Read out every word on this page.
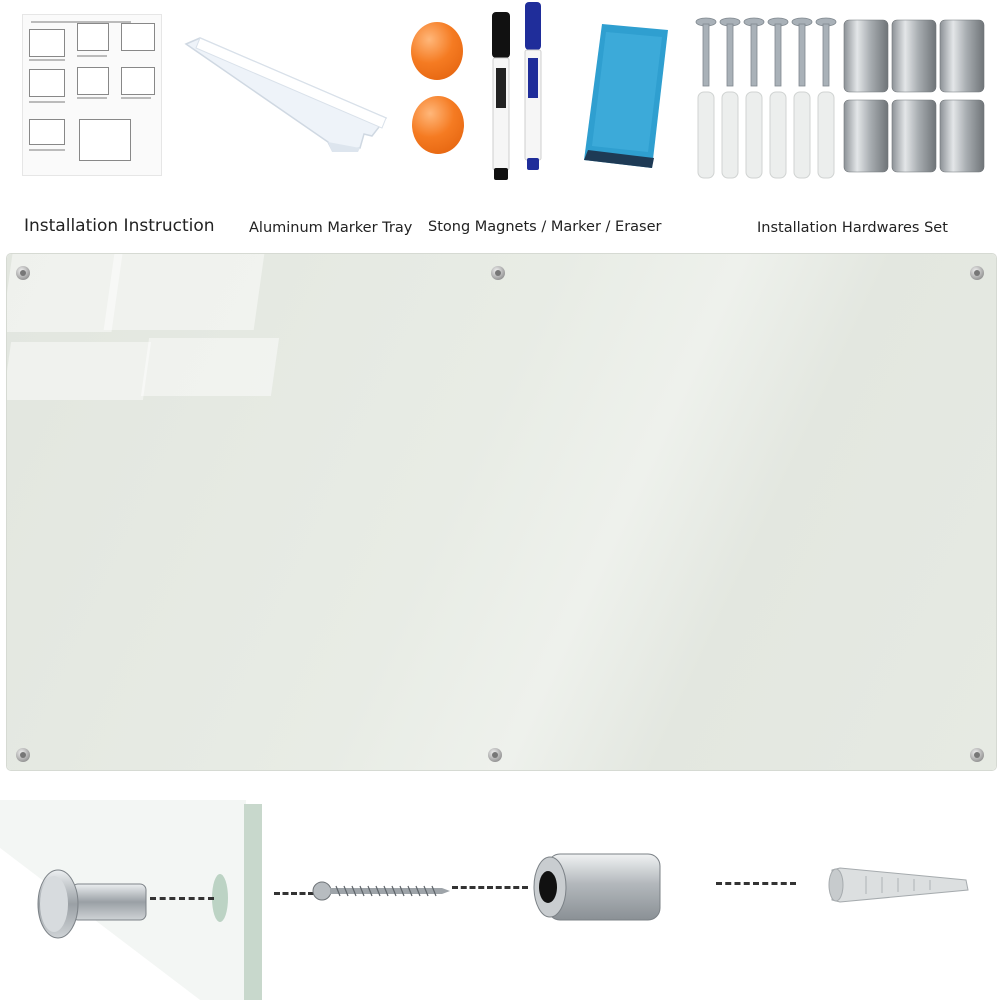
Installation Instruction Aluminum Marker Tray Stong Magnets / Marker / Eraser	Installation Hardwares Set
